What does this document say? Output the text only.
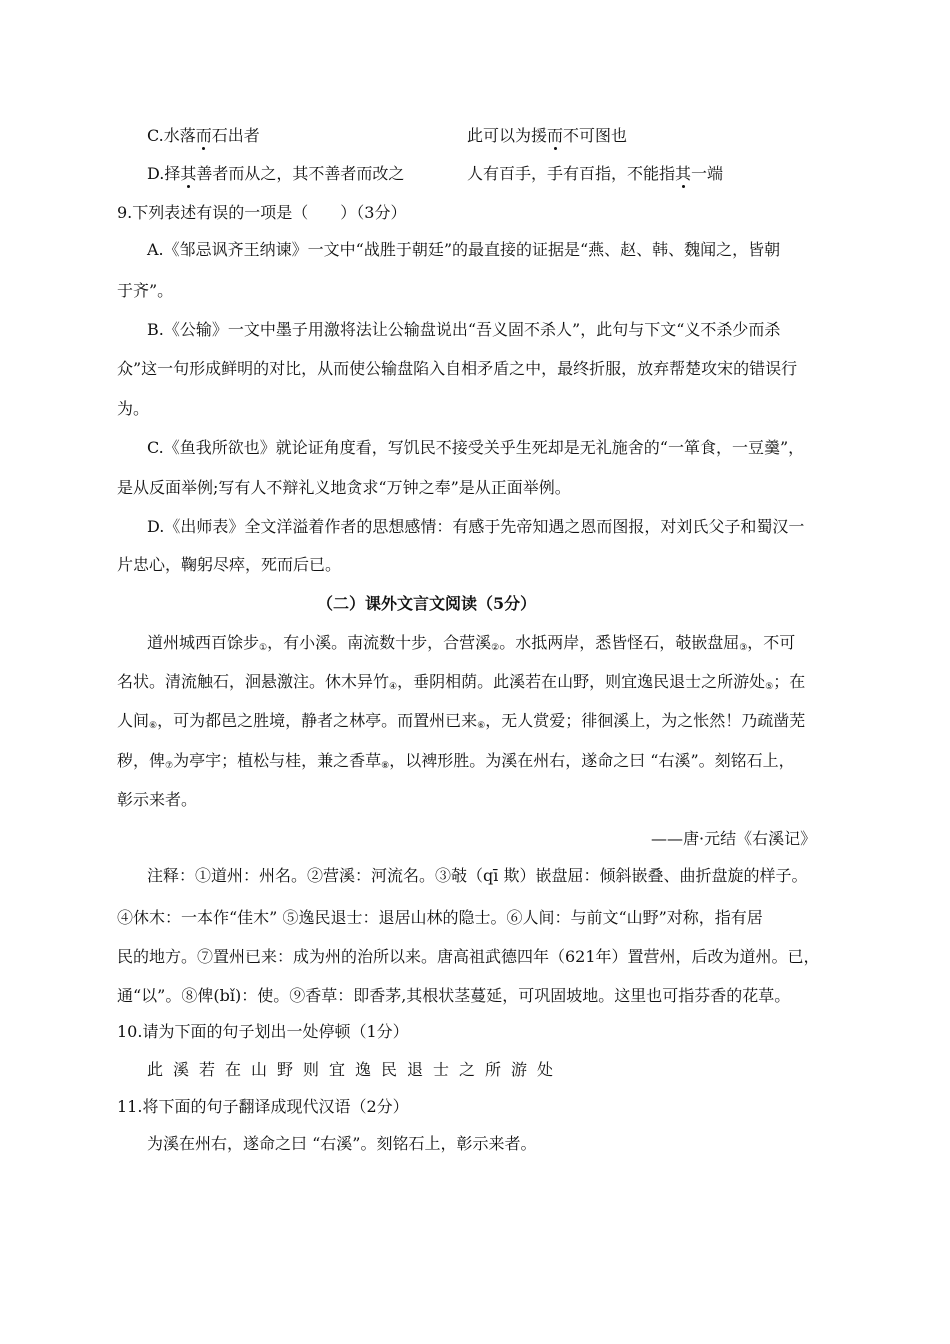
C.水落而石出者	此可以为援而不可图也
D.择其善者而从之，其不善者而改之	人有百手，手有百指，不能指其一端
9.下列表述有误的一项是（　　）（3分）
A.《邹忌讽齐王纳谏》一文中“战胜于朝廷”的最直接的证据是“燕、赵、韩、魏闻之，皆朝
于齐”。
B.《公输》一文中墨子用激将法让公输盘说出“吾义固不杀人”，此句与下文“义不杀少而杀
众”这一句形成鲜明的对比，从而使公输盘陷入自相矛盾之中，最终折服，放弃帮楚攻宋的错误行
为。
C.《鱼我所欲也》就论证角度看，写饥民不接受关乎生死却是无礼施舍的“一箪食，一豆羹”，
是从反面举例;写有人不辩礼义地贪求“万钟之奉”是从正面举例。
D.《出师表》全文洋溢着作者的思想感情：有感于先帝知遇之恩而图报，对刘氏父子和蜀汉一
片忠心，鞠躬尽瘁，死而后已。
（二）课外文言文阅读（5分）
道州城西百馀步$_①$，有小溪。南流数十步，合营溪$_②$。水抵两岸，悉皆怪石，攲嵌盘屈$_③$，不可
名状。清流触石，洄悬激注。休木异竹$_④$，垂阴相荫。此溪若在山野，则宜逸民退士之所游处$_⑤$；在
人间$_⑥$，可为都邑之胜境，静者之林亭。而置州已来$_⑥$，无人赏爱；徘徊溪上，为之怅然！乃疏凿芜
秽，俾$_⑦$为亭宇；植松与桂，兼之香草$_⑧$，以裨形胜。为溪在州右，遂命之曰 “右溪”。刻铭石上，
彰示来者。
——唐·元结《右溪记》
注释：①道州：州名。②营溪：河流名。③攲（qī 欺）嵌盘屈：倾斜嵌叠、曲折盘旋的样子。
④休木：一本作“佳木” ⑤逸民退士：退居山林的隐士。⑥人间：与前文“山野”对称，指有居
民的地方。⑦置州已来：成为州的治所以来。唐高祖武德四年（621年）置营州，后改为道州。已，
通“以”。⑧俾(bǐ)：使。⑨香草：即香茅,其根状茎蔓延，可巩固坡地。这里也可指芬香的花草。
10.请为下面的句子划出一处停顿（1分）
此溪若在山野则宜逸民退士之所游处
11.将下面的句子翻译成现代汉语（2分）
为溪在州右，遂命之曰 “右溪”。刻铭石上，彰示来者。
